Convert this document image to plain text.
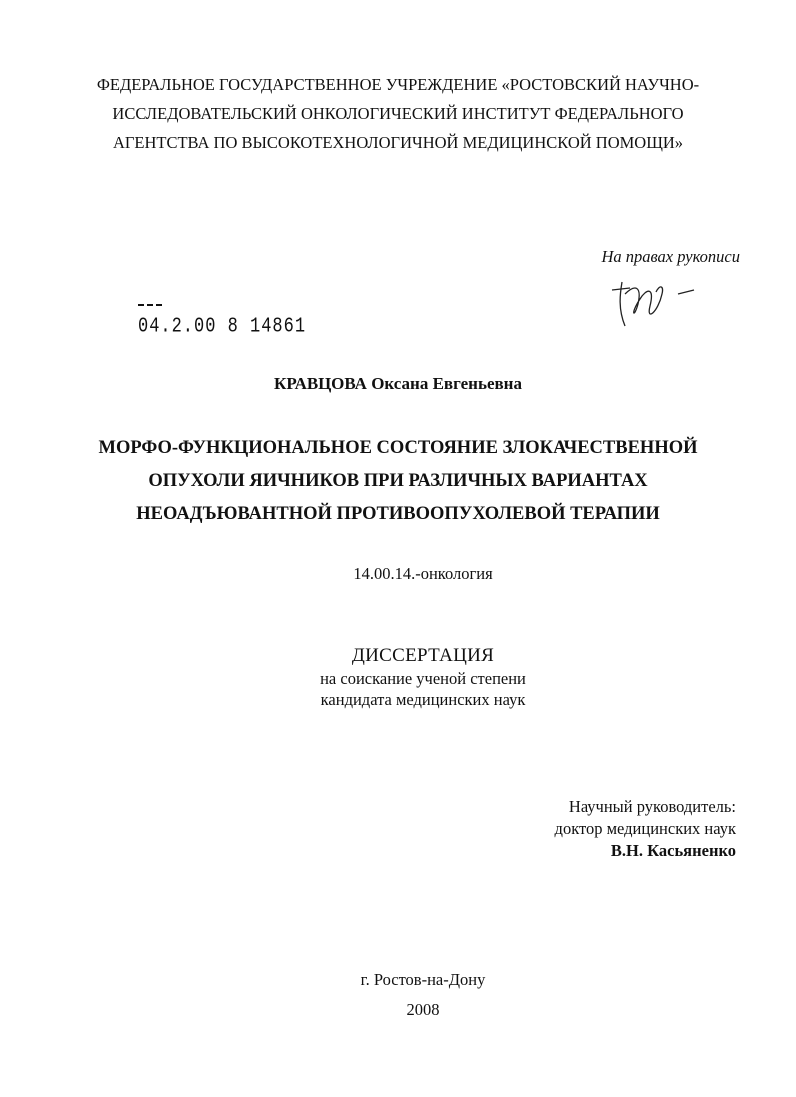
ФЕДЕРАЛЬНОЕ ГОСУДАРСТВЕННОЕ УЧРЕЖДЕНИЕ «РОСТОВСКИЙ НАУЧНО-
ИССЛЕДОВАТЕЛЬСКИЙ ОНКОЛОГИЧЕСКИЙ ИНСТИТУТ ФЕДЕРАЛЬНОГО
АГЕНТСТВА ПО ВЫСОКОТЕХНОЛОГИЧНОЙ МЕДИЦИНСКОЙ ПОМОЩИ»
На правах рукописи
04.2.00 8 14861
КРАВЦОВА Оксана Евгеньевна
МОРФО-ФУНКЦИОНАЛЬНОЕ СОСТОЯНИЕ ЗЛОКАЧЕСТВЕННОЙ
ОПУХОЛИ ЯИЧНИКОВ ПРИ РАЗЛИЧНЫХ ВАРИАНТАХ
НЕОАДЪЮВАНТНОЙ ПРОТИВООПУХОЛЕВОЙ ТЕРАПИИ
14.00.14.-онкология
ДИССЕРТАЦИЯ
на соискание ученой степени
кандидата медицинских наук
Научный руководитель:
доктор медицинских наук
В.Н. Касьяненко
г. Ростов-на-Дону
2008
